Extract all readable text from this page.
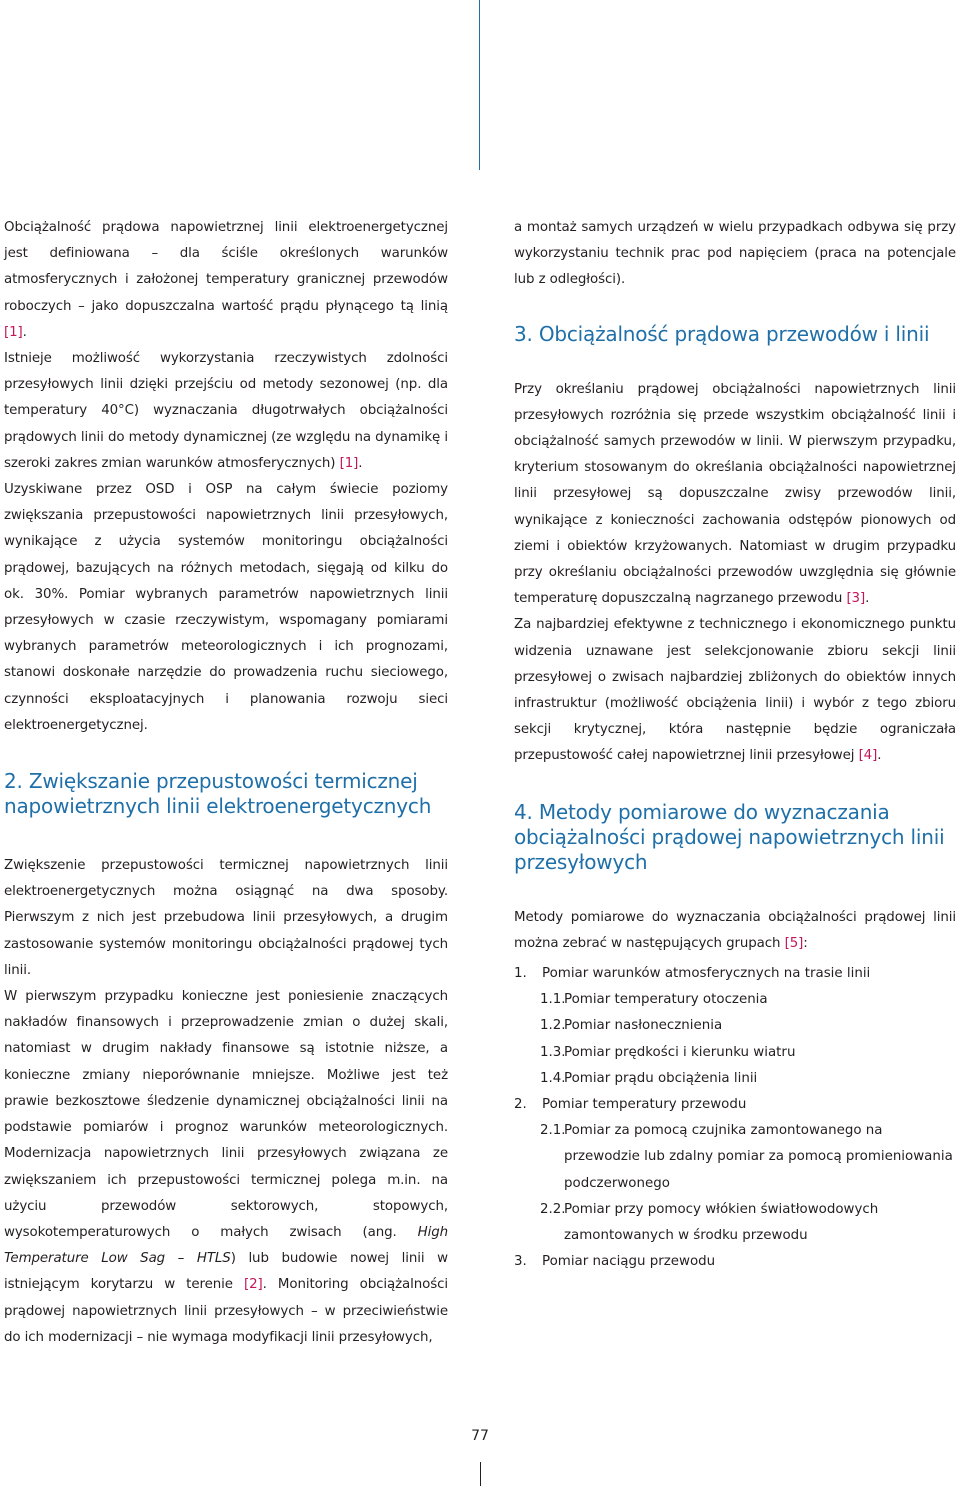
Obciążalność prądowa napowietrznej linii elektroenergetycznej jest definiowana – dla ściśle określonych warunków atmosferycznych i założonej temperatury granicznej przewodów roboczych – jako dopuszczalna wartość prądu płynącego tą linią [1].

Istnieje możliwość wykorzystania rzeczywistych zdolności przesyłowych linii dzięki przejściu od metody sezonowej (np. dla temperatury 40°C) wyznaczania długotrwałych obciążalności prądowych linii do metody dynamicznej (ze względu na dynamikę i szeroki zakres zmian warunków atmosferycznych) [1].

Uzyskiwane przez OSD i OSP na całym świecie poziomy zwiększania przepustowości napowietrznych linii przesyłowych, wynikające z użycia systemów monitoringu obciążalności prądowej, bazujących na różnych metodach, sięgają od kilku do ok. 30%. Pomiar wybranych parametrów napowietrznych linii przesyłowych w czasie rzeczywistym, wspomagany pomiarami wybranych parametrów meteorologicznych i ich prognozami, stanowi doskonałe narzędzie do prowadzenia ruchu sieciowego, czynności eksploatacyjnych i planowania rozwoju sieci elektroenergetycznej.

2. Zwiększanie przepustowości termicznej
napowietrznych linii elektroenergetycznych

Zwiększenie przepustowości termicznej napowietrznych linii elektroenergetycznych można osiągnąć na dwa sposoby. Pierwszym z nich jest przebudowa linii przesyłowych, a drugim zastosowanie systemów monitoringu obciążalności prądowej tych linii.

W pierwszym przypadku konieczne jest poniesienie znaczących nakładów finansowych i przeprowadzenie zmian o dużej skali, natomiast w drugim nakłady finansowe są istotnie niższe, a konieczne zmiany nieporównanie mniejsze. Możliwe jest też prawie bezkosztowe śledzenie dynamicznej obciążalności linii na podstawie pomiarów i prognoz warunków meteorologicznych. Modernizacja napowietrznych linii przesyłowych związana ze zwiększaniem ich przepustowości termicznej polega m.in. na użyciu przewodów sektorowych, stopowych, wysokotemperaturowych o małych zwisach (ang. High Temperature Low Sag – HTLS) lub budowie nowej linii w istniejącym korytarzu w terenie [2]. Monitoring obciążalności prądowej napowietrznych linii przesyłowych – w przeciwieństwie do ich modernizacji – nie wymaga modyfikacji linii przesyłowych,

a montaż samych urządzeń w wielu przypadkach odbywa się przy wykorzystaniu technik prac pod napięciem (praca na potencjale lub z odległości).

3. Obciążalność prądowa przewodów i linii

Przy określaniu prądowej obciążalności napowietrznych linii przesyłowych rozróżnia się przede wszystkim obciążalność linii i obciążalność samych przewodów w linii. W pierwszym przypadku, kryterium stosowanym do określania obciążalności napowietrznej linii przesyłowej są dopuszczalne zwisy przewodów linii, wynikające z konieczności zachowania odstępów pionowych od ziemi i obiektów krzyżowanych. Natomiast w drugim przypadku przy określaniu obciążalności przewodów uwzględnia się głównie temperaturę dopuszczalną nagrzanego przewodu [3].

Za najbardziej efektywne z technicznego i ekonomicznego punktu widzenia uznawane jest selekcjonowanie zbioru sekcji linii przesyłowej o zwisach najbardziej zbliżonych do obiektów innych infrastruktur (możliwość obciążenia linii) i wybór z tego zbioru sekcji krytycznej, która następnie będzie ograniczała przepustowość całej napowietrznej linii przesyłowej [4].

4. Metody pomiarowe do wyznaczania
obciążalności prądowej napowietrznych linii
przesyłowych

Metody pomiarowe do wyznaczania obciążalności prądowej linii można zebrać w następujących grupach [5]:

1. Pomiar warunków atmosferycznych na trasie linii
1.1.
Pomiar temperatury otoczenia
1.2.
Pomiar nasłonecznienia
1.3.
Pomiar prędkości i kierunku wiatru
1.4.
Pomiar prądu obciążenia linii
2. Pomiar temperatury przewodu
2.1.
Pomiar za pomocą czujnika zamontowanego na przewodzie lub zdalny pomiar za pomocą promieniowania podczerwonego
2.2.
Pomiar przy pomocy włókien światłowodowych zamontowanych w środku przewodu
3. Pomiar naciągu przewodu
77
